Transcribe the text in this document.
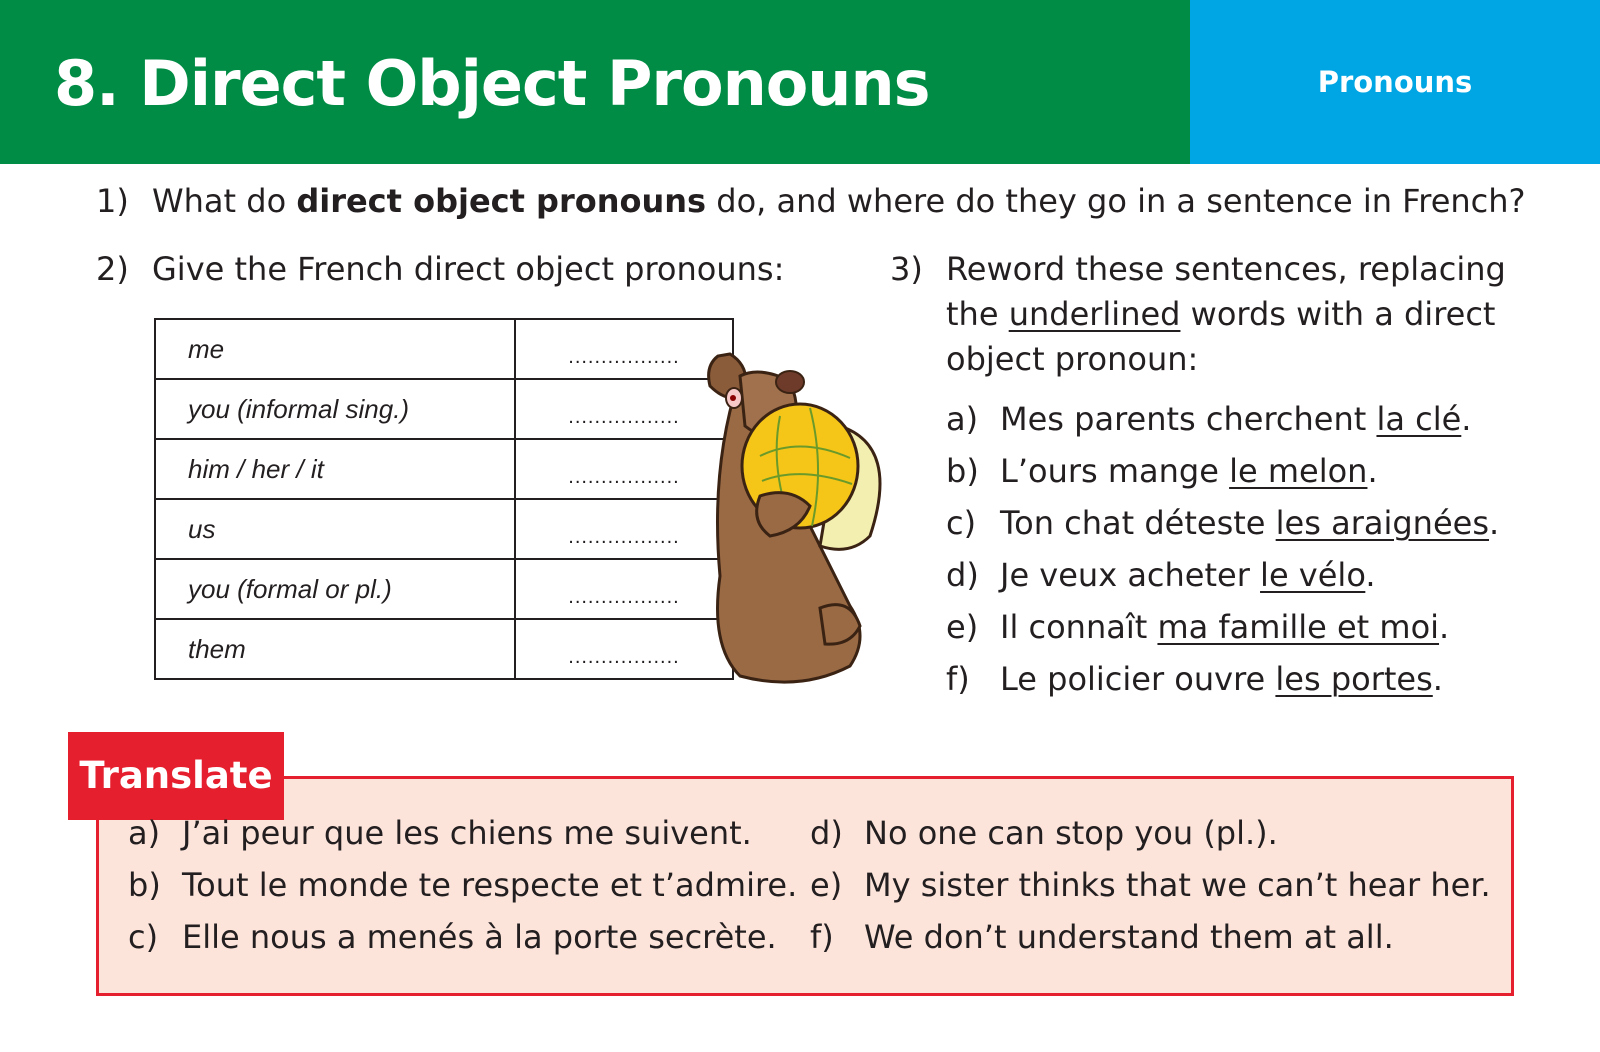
8. Direct Object Pronouns	Pronouns
1) What do direct object pronouns do, and where do they go in a sentence in French?
2) Give the French direct object pronouns:
me	.................
you (informal sing.)	.................
him / her / it	.................
us	.................
you (formal or pl.)	.................
them	.................
3) Reword these sentences, replacing
the underlined words with a direct
object pronoun:
a) Mes parents cherchent la clé.
b) L’ours mange le melon.
c) Ton chat déteste les araignées.
d) Je veux acheter le vélo.
e) Il connaît ma famille et moi.
f) Le policier ouvre les portes.
Translate
a) J’ai peur que les chiens me suivent.
b) Tout le monde te respecte et t’admire.
c) Elle nous a menés à la porte secrète.
d) No one can stop you (pl.).
e) My sister thinks that we can’t hear her.
f) We don’t understand them at all.
